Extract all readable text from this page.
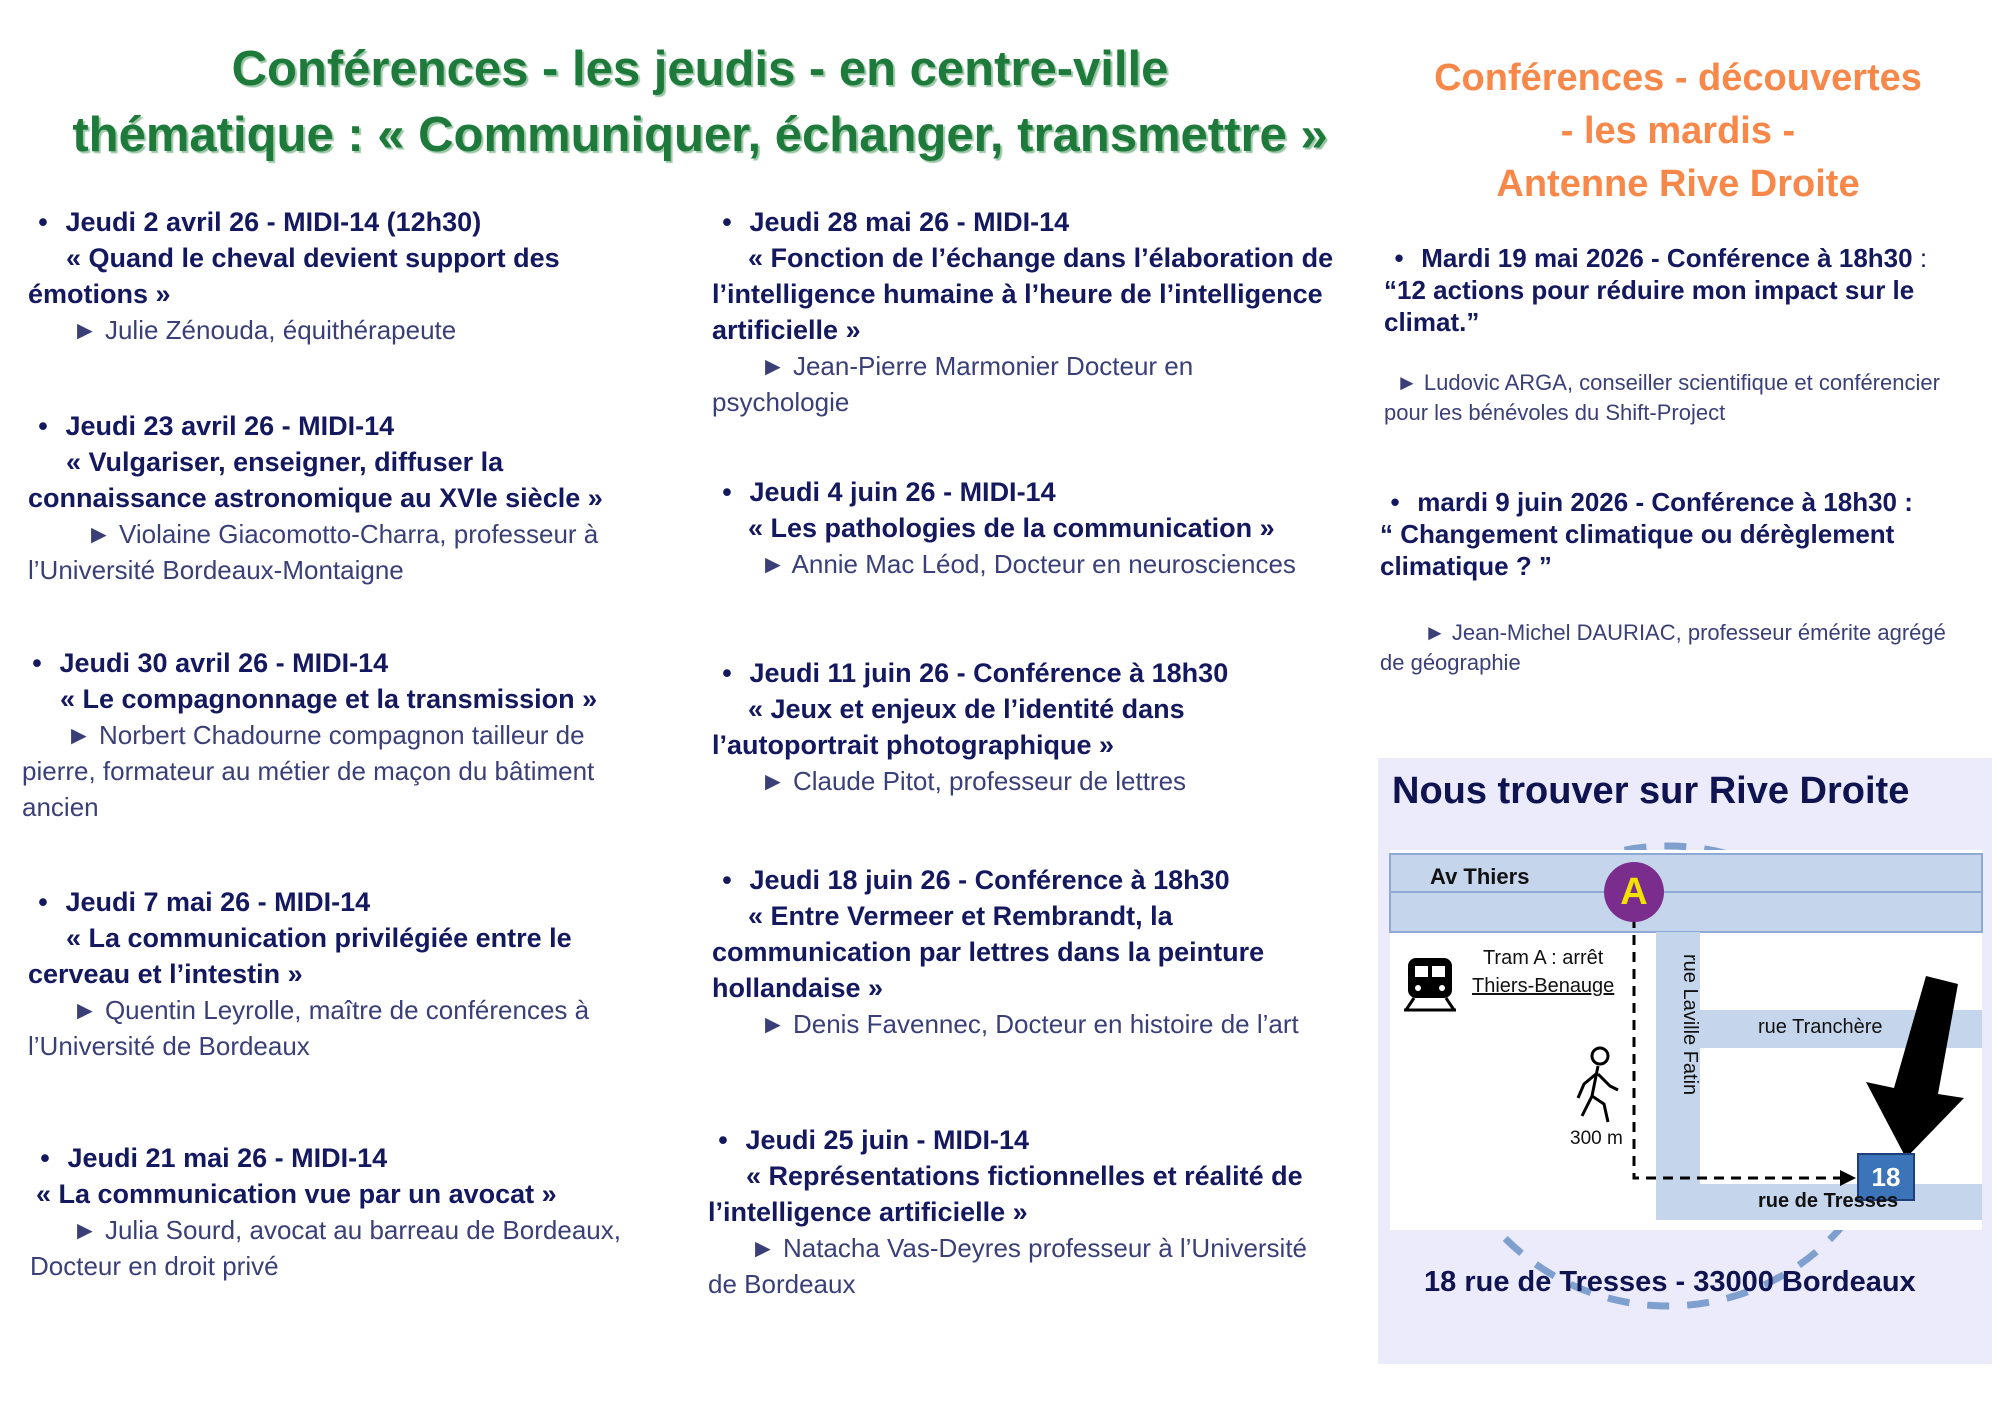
Conférences - les jeudis - en centre-ville
thématique : « Communiquer, échanger, transmettre »
Conférences - découvertes
- les mardis -
Antenne Rive Droite
• Jeudi 2 avril 26 - MIDI-14 (12h30)
« Quand le cheval devient support des
émotions »
► Julie Zénouda, équithérapeute
• Jeudi 23 avril 26 - MIDI-14
« Vulgariser, enseigner, diffuser la
connaissance astronomique au XVIe siècle »
► Violaine Giacomotto-Charra, professeur à
l’Université Bordeaux-Montaigne
• Jeudi 30 avril 26 - MIDI-14
« Le compagnonnage et la transmission »
► Norbert Chadourne compagnon tailleur de
pierre, formateur au métier de maçon du bâtiment
ancien
• Jeudi 7 mai 26 - MIDI-14
« La communication privilégiée entre le
cerveau et l’intestin »
► Quentin Leyrolle, maître de conférences à
l’Université de Bordeaux
• Jeudi 21 mai 26 - MIDI-14
« La communication vue par un avocat »
► Julia Sourd, avocat au barreau de Bordeaux,
Docteur en droit privé
• Jeudi 28 mai 26 - MIDI-14
« Fonction de l’échange dans l’élaboration de
l’intelligence humaine à l’heure de l’intelligence
artificielle »
► Jean-Pierre Marmonier Docteur en
psychologie
• Jeudi 4 juin 26 - MIDI-14
« Les pathologies de la communication »
► Annie Mac Léod, Docteur en neurosciences
• Jeudi 11 juin 26 - Conférence à 18h30
« Jeux et enjeux de l’identité dans
l’autoportrait photographique »
► Claude Pitot, professeur de lettres
• Jeudi 18 juin 26 - Conférence à 18h30
« Entre Vermeer et Rembrandt, la
communication par lettres dans la peinture
hollandaise »
► Denis Favennec, Docteur en histoire de l’art
• Jeudi 25 juin - MIDI-14
« Représentations fictionnelles et réalité de
l’intelligence artificielle »
► Natacha Vas-Deyres professeur à l’Université
de Bordeaux
• Mardi 19 mai 2026 - Conférence à 18h30 :
“12 actions pour réduire mon impact sur le
climat.”
► Ludovic ARGA, conseiller scientifique et conférencier
pour les bénévoles du Shift-Project
• mardi 9 juin 2026 - Conférence à 18h30 :
“ Changement climatique ou dérèglement
climatique ? ”
► Jean-Michel DAURIAC, professeur émérite agrégé
de géographie
Nous trouver sur Rive Droite
Av Thiers A
Tram A : arrêt
Thiers-Benauge
300 m
rue Laville Fatin	rue Tranchère
rue de Tresses
18
18 rue de Tresses - 33000 Bordeaux
